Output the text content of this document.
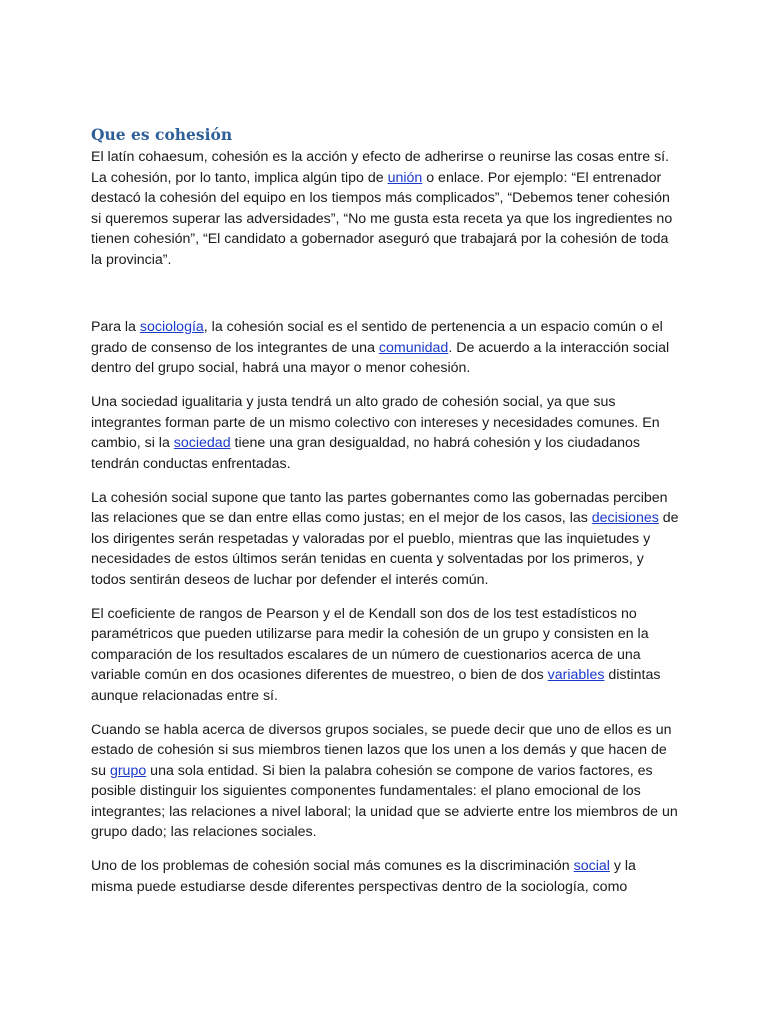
Que es cohesión

El latín cohaesum, cohesión es la acción y efecto de adherirse o reunirse las cosas entre sí. La cohesión, por lo tanto, implica algún tipo de unión o enlace. Por ejemplo: “El entrenador destacó la cohesión del equipo en los tiempos más complicados”, “Debemos tener cohesión si queremos superar las adversidades”, “No me gusta esta receta ya que los ingredientes no tienen cohesión”, “El candidato a gobernador aseguró que trabajará por la cohesión de toda la provincia”.

Para la sociología, la cohesión social es el sentido de pertenencia a un espacio común o el grado de consenso de los integrantes de una comunidad. De acuerdo a la interacción social dentro del grupo social, habrá una mayor o menor cohesión.

Una sociedad igualitaria y justa tendrá un alto grado de cohesión social, ya que sus integrantes forman parte de un mismo colectivo con intereses y necesidades comunes. En cambio, si la sociedad tiene una gran desigualdad, no habrá cohesión y los ciudadanos tendrán conductas enfrentadas.

La cohesión social supone que tanto las partes gobernantes como las gobernadas perciben las relaciones que se dan entre ellas como justas; en el mejor de los casos, las decisiones de los dirigentes serán respetadas y valoradas por el pueblo, mientras que las inquietudes y necesidades de estos últimos serán tenidas en cuenta y solventadas por los primeros, y todos sentirán deseos de luchar por defender el interés común.

El coeficiente de rangos de Pearson y el de Kendall son dos de los test estadísticos no paramétricos que pueden utilizarse para medir la cohesión de un grupo y consisten en la comparación de los resultados escalares de un número de cuestionarios acerca de una variable común en dos ocasiones diferentes de muestreo, o bien de dos variables distintas aunque relacionadas entre sí.

Cuando se habla acerca de diversos grupos sociales, se puede decir que uno de ellos es un estado de cohesión si sus miembros tienen lazos que los unen a los demás y que hacen de su grupo una sola entidad. Si bien la palabra cohesión se compone de varios factores, es posible distinguir los siguientes componentes fundamentales: el plano emocional de los integrantes; las relaciones a nivel laboral; la unidad que se advierte entre los miembros de un grupo dado; las relaciones sociales.

Uno de los problemas de cohesión social más comunes es la discriminación social y la misma puede estudiarse desde diferentes perspectivas dentro de la sociología, como
